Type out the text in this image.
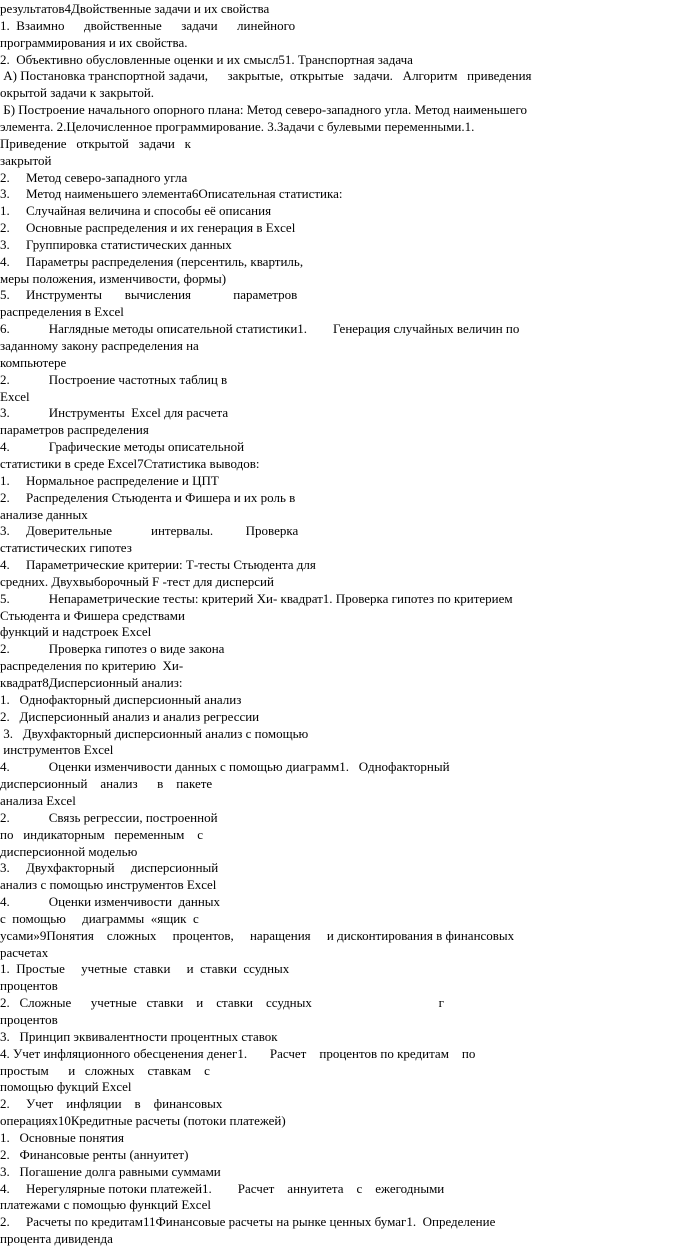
результатов4Двойственные задачи и их свойства
1.  Взаимно      двойственные      задачи      линейного
программирования и их свойства.
2.  Объективно обусловленные оценки и их смысл51. Транспортная задача
А) Постановка транспортной задачи,      закрытые,  открытые   задачи.   Алгоритм   приведения
окрытой задачи к закрытой.
Б) Построение начального опорного плана: Метод северо-западного угла. Метод наименьшего
элемента. 2.Целочисленное программирование. 3.Задачи с булевыми переменными.1.
Приведение   открытой   задачи   к
закрытой
2.     Метод северо-западного угла
3.     Метод наименьшего элемента6Описательная статистика:
1.     Случайная величина и способы её описания
2.     Основные распределения и их генерация в Excel
3.     Группировка статистических данных
4.     Параметры распределения (персентиль, квартиль,
меры положения, изменчивости, формы)
5.     Инструменты       вычисления             параметров
распределения в Excel
6.            Наглядные методы описательной статистики1.        Генерация случайных величин по
заданному закону распределения на
компьютере
2.            Построение частотных таблиц в
Excel
3.            Инструменты  Excel для расчета
параметров распределения
4.            Графические методы описательной
статистики в среде Excel7Статистика выводов:
1.     Нормальное распределение и ЦПТ
2.     Распределения Стьюдента и Фишера и их роль в
анализе данных
3.     Доверительные            интервалы.          Проверка
статистических гипотез
4.     Параметрические критерии: Т-тесты Стьюдента для
средних. Двухвыборочный F -тест для дисперсий
5.            Непараметрические тесты: критерий Хи- квадрат1. Проверка гипотез по критерием
Стьюдента и Фишера средствами
функций и надстроек Excel
2.            Проверка гипотез о виде закона
распределения по критерию  Хи-
квадрат8Дисперсионный анализ:
1.   Однофакторный дисперсионный анализ
2.   Дисперсионный анализ и анализ регрессии
3.   Двухфакторный дисперсионный анализ с помощью
инструментов Excel
4.            Оценки изменчивости данных с помощью диаграмм1.   Однофакторный
дисперсионный    анализ      в    пакете
анализа Excel
2.            Связь регрессии, построенной
по   индикаторным   переменным    с
дисперсионной моделью
3.     Двухфакторный     дисперсионный
анализ с помощью инструментов Excel
4.            Оценки изменчивости  данных
с  помощью     диаграммы  «ящик  с
усами»9Понятия    сложных     процентов,     наращения     и дисконтирования в финансовых
расчетах
1.  Простые     учетные  ставки     и  ставки  ссудных
процентов
2.   Сложные      учетные   ставки    и    ставки    ссудных                                       г
процентов
3.   Принцип эквивалентности процентных ставок
4. Учет инфляционного обесценения денег1.       Расчет    процентов по кредитам    по
простым      и   сложных    ставкам    с
помощью фукций Excel
2.     Учет    инфляции    в    финансовых
операциях10Кредитные расчеты (потоки платежей)
1.   Основные понятия
2.   Финансовые ренты (аннуитет)
3.   Погашение долга равными суммами
4.     Нерегулярные потоки платежей1.        Расчет    аннуитета    с    ежегодными
платежами с помощью функций Excel
2.     Расчеты по кредитам11Финансовые расчеты на рынке ценных бумаг1.  Определение
процента дивиденда
